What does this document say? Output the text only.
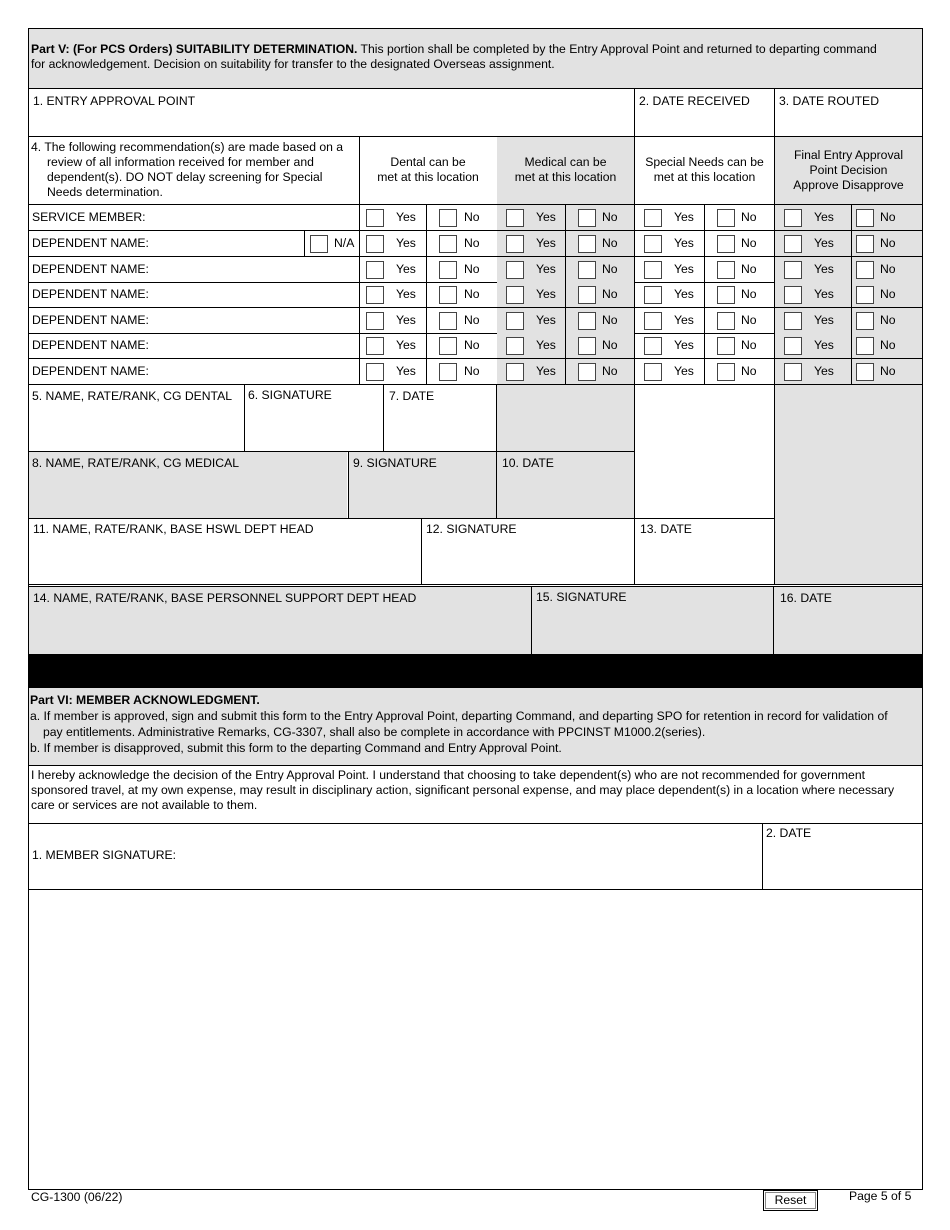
Part V: (For PCS Orders) SUITABILITY DETERMINATION. This portion shall be completed by the Entry Approval Point and returned to departing command
for acknowledgement. Decision on suitability for transfer to the designated Overseas assignment.
1. ENTRY APPROVAL POINT	2. DATE RECEIVED 3. DATE ROUTED
4. The following recommendation(s) are made based on a
review of all information received for member and
dependent(s). DO NOT delay screening for Special
Needs determination.
Dental can be
met at this location
Medical can be
met at this location
Special Needs can be
met at this location
Final Entry Approval
Point Decision
Approve Disapprove
SERVICE MEMBER:	Yes	No	Yes	No	Yes	No	Yes	No
DEPENDENT NAME:	N/A	Yes	No	Yes	No	Yes	No	Yes	No
DEPENDENT NAME:	Yes	No	Yes	No	Yes	No	Yes	No
DEPENDENT NAME:	Yes	No	Yes	No	Yes	No	Yes	No
DEPENDENT NAME:	Yes	No	Yes	No	Yes	No	Yes	No
DEPENDENT NAME:	Yes	No	Yes	No	Yes	No	Yes	No
DEPENDENT NAME:	Yes	No	Yes	No	Yes	No	Yes	No
5. NAME, RATE/RANK, CG DENTAL 6. SIGNATURE	7. DATE
8. NAME, RATE/RANK, CG MEDICAL	9. SIGNATURE	10. DATE
11. NAME, RATE/RANK, BASE HSWL DEPT HEAD	12. SIGNATURE	13. DATE
14. NAME, RATE/RANK, BASE PERSONNEL SUPPORT DEPT HEAD	15. SIGNATURE	16. DATE
Part VI: MEMBER ACKNOWLEDGMENT.
a. If member is approved, sign and submit this form to the Entry Approval Point, departing Command, and departing SPO for retention in record for validation of
pay entitlements. Administrative Remarks, CG-3307, shall also be complete in accordance with PPCINST M1000.2(series).
b. If member is disapproved, submit this form to the departing Command and Entry Approval Point.
I hereby acknowledge the decision of the Entry Approval Point. I understand that choosing to take dependent(s) who are not recommended for government
sponsored travel, at my own expense, may result in disciplinary action, significant personal expense, and may place dependent(s) in a location where necessary
care or services are not available to them.
1. MEMBER SIGNATURE:
2. DATE
CG-1300 (06/22)	Reset	Page 5 of 5
